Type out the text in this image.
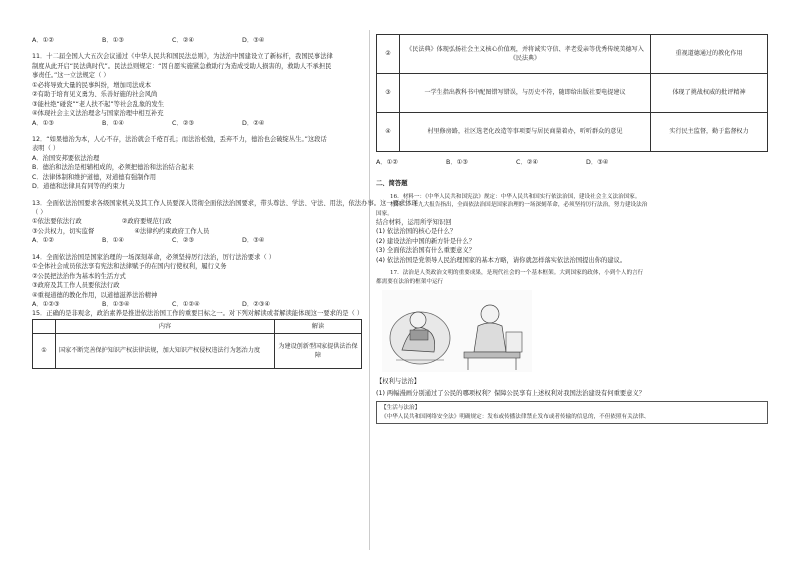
A．①②	B．①③	C．②④	D．③④

11．十二届全国人大五次会议通过《中华人民共和国民法总则》，为法治中国建设立了新标杆，我国民事法律

制度从此开启“民法典时代”。民法总则规定：“因自愿实施紧急救助行为造成受助人损害的，救助人不承担民

事责任。”这一立法规定（ ）

①必将导致大量的民事纠纷，增加司法成本

②有助于培育见义勇为、乐善好施的社会风尚

③能杜绝“碰瓷”“老人扶不起”等社会乱象的发生

④体现社会主义法治理念与国家治理中相互补充

A．①③	B．①④	C．②③	D．②④

12．“如果德治为本，人心不存，法治就会千疮百孔；而法治松弛，丢弃不力，德治也会破绽丛生。”这段话

表明（ ）

A．治国安邦要依法治理

B．德治和法治是相辅相成的，必须把德治和法治结合起来

C．法律体制和维护道德，对道德有强制作用

D．道德和法律具有同等的约束力

13．全面依法治国要求各级国家机关及其工作人员要深入贯彻全面依法治国要求，带头尊法、学法、守法、用法，依法办事。这一要求体现

（ ）

①依法要依法行政	②政府要规范行政
③公共权力，切实监督	④法律约约束政府工作人员
A．①②	B．①④	C．②③	D．③④

14．全面依法治国是国家治理的一场深刻革命，必须坚持厉行法治，厉行法治要求（ ）

①全体社会成员依法享有宪法和法律赋予的在国内行使权利，履行义务

②公民把法治作为基本的生活方式

③政府及其工作人员要依法行政

④重视道德的教化作用，以道德滋养法治精神

A．①②③	B．①③④	C．①②④	D．②③④

15．正确的是非观念，政治素养是推进依法治国工作的重要目标之一。对下列对解读或者解读能体现这一要求的是（ ）

	内容	解读
①	国家不断完善保护知识产权法律法规，加大知识产权侵权违法行为惩治力度	为建设创新型国家提供法治保障
②	《民法典》体现弘扬社会主义核心价值观，并将诚实守信、孝老爱亲等优秀传统美德写入《民法典》	重视道德通过的教化作用
③	一学生指出教科书中配图错写错误，与历史不符，随即给出版社要电提建议	体现了挑战权威的批评精神
④	村里修房路，社区选老化改造等事项要与居民商量着办，听听群众的意见	实行民主监督，勤于监督权力
A．①②	B．①③	C．②④	D．③④

二、简答题

16．材料一：《中华人民共和国宪法》规定：中华人民共和国实行依法治国，建设社会主义法治国家。

材料二：十九大报告指出，全面依法治国是国家治理的一场深刻革命，必须坚持厉行法治，努力建设法治

国家。

结合材料，运用所学知识回

(1) 依法治国的核心是什么？

(2) 建设法治中国的新方针是什么？

(3) 全面依法治国有什么重要意义？

(4) 依法治国是党领导人民治理国家的基本方略，请你就怎样落实依法治国提出你的建议。

17．法治是人类政治文明的重要成果，是现代社会的一个基本框架。大到国家的政体，小到个人的言行

都需要在法治的框架中运行

【权利与法治】

(1) 两幅漫画分别通过了公民的哪项权利？保障公民享有上述权利对我国法治建设有何重要意义？

【生活与法治】

《中华人民共和国网络安全法》明确规定：发布或传播法律禁止发布或者传输的信息的，不但依照有关法律、
